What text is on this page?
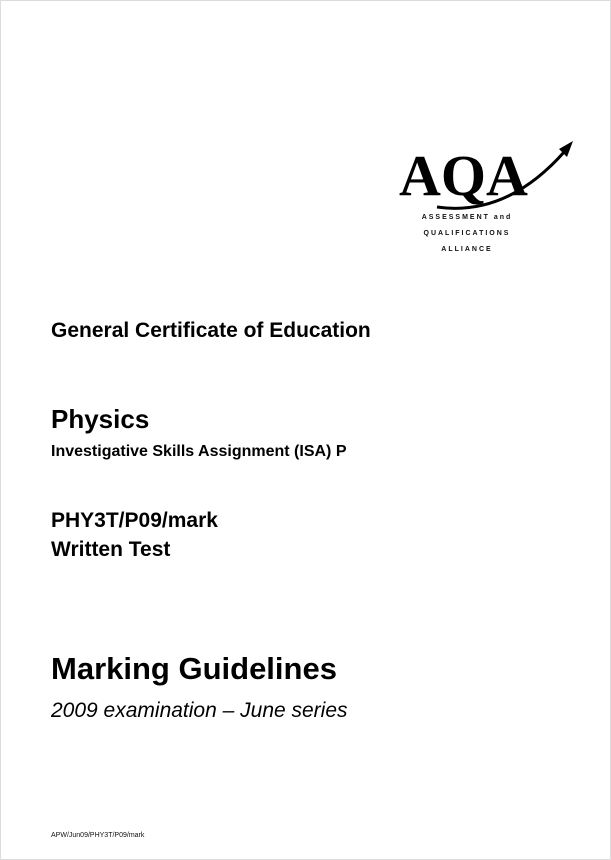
AQA
ASSESSMENT and
QUALIFICATIONS
ALLIANCE
General Certificate of Education
Physics
Investigative Skills Assignment (ISA) P
PHY3T/P09/mark
Written Test
Marking Guidelines
2009 examination – June series
APW/Jun09/PHY3T/P09/mark
